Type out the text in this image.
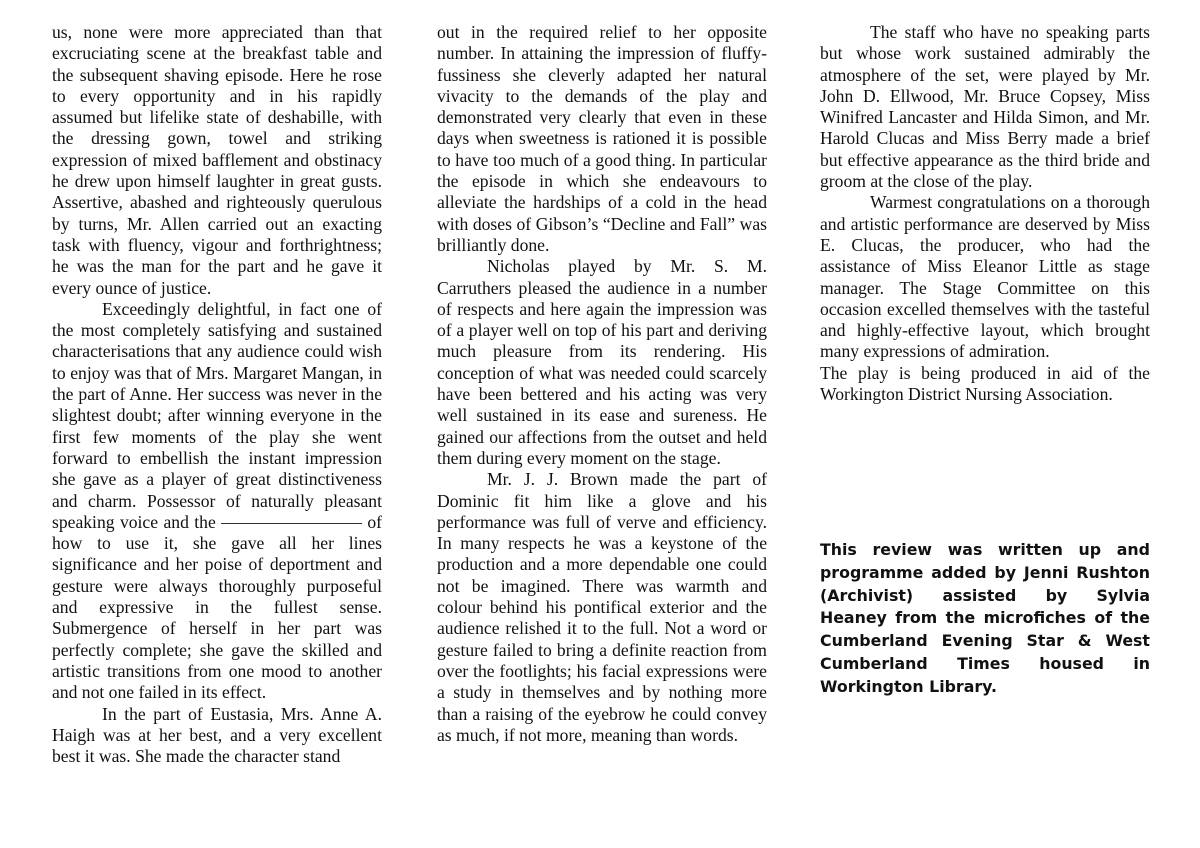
us, none were more appreciated than that excruciating scene at the breakfast table and the subsequent shaving episode. Here he rose to every opportunity and in his rapidly assumed but lifelike state of deshabille, with the dressing gown, towel and striking expression of mixed bafflement and obstinacy he drew upon himself laughter in great gusts. Assertive, abashed and righteously querulous by turns, Mr. Allen carried out an exacting task with fluency, vigour and forthrightness; he was the man for the part and he gave it every ounce of justice.

Exceedingly delightful, in fact one of the most completely satisfying and sustained characterisations that any audience could wish to enjoy was that of Mrs. Margaret Mangan, in the part of Anne. Her success was never in the slightest doubt; after winning everyone in the first few moments of the play she went forward to embellish the instant impression she gave as a player of great distinctiveness and charm. Possessor of naturally pleasant speaking voice and the ———————— of how to use it, she gave all her lines significance and her poise of deportment and gesture were always thoroughly purposeful and expressive in the fullest sense. Submergence of herself in her part was perfectly complete; she gave the skilled and artistic transitions from one mood to another and not one failed in its effect.

In the part of Eustasia, Mrs. Anne A. Haigh was at her best, and a very excellent best it was. She made the character stand

out in the required relief to her opposite number. In attaining the impression of fluffy-fussiness she cleverly adapted her natural vivacity to the demands of the play and demonstrated very clearly that even in these days when sweetness is rationed it is possible to have too much of a good thing. In particular the episode in which she endeavours to alleviate the hardships of a cold in the head with doses of Gibson’s “Decline and Fall” was brilliantly done.

Nicholas played by Mr. S. M. Carruthers pleased the audience in a number of respects and here again the impression was of a player well on top of his part and deriving much pleasure from its rendering. His conception of what was needed could scarcely have been bettered and his acting was very well sustained in its ease and sureness. He gained our affections from the outset and held them during every moment on the stage.

Mr. J. J. Brown made the part of Dominic fit him like a glove and his performance was full of verve and efficiency. In many respects he was a keystone of the production and a more dependable one could not be imagined. There was warmth and colour behind his pontifical exterior and the audience relished it to the full. Not a word or gesture failed to bring a definite reaction from over the footlights; his facial expressions were a study in themselves and by nothing more than a raising of the eyebrow he could convey as much, if not more, meaning than words.

The staff who have no speaking parts but whose work sustained admirably the atmosphere of the set, were played by Mr. John D. Ellwood, Mr. Bruce Copsey, Miss Winifred Lancaster and Hilda Simon, and Mr. Harold Clucas and Miss Berry made a brief but effective appearance as the third bride and groom at the close of the play.

Warmest congratulations on a thorough and artistic performance are deserved by Miss E. Clucas, the producer, who had the assistance of Miss Eleanor Little as stage manager. The Stage Committee on this occasion excelled themselves with the tasteful and highly-effective layout, which brought many expressions of admiration.

The play is being produced in aid of the Workington District Nursing Association.

This review was written up and programme added by Jenni Rushton (Archivist) assisted by Sylvia Heaney from the microfiches of the Cumberland Evening Star & West Cumberland Times housed in Workington Library.
